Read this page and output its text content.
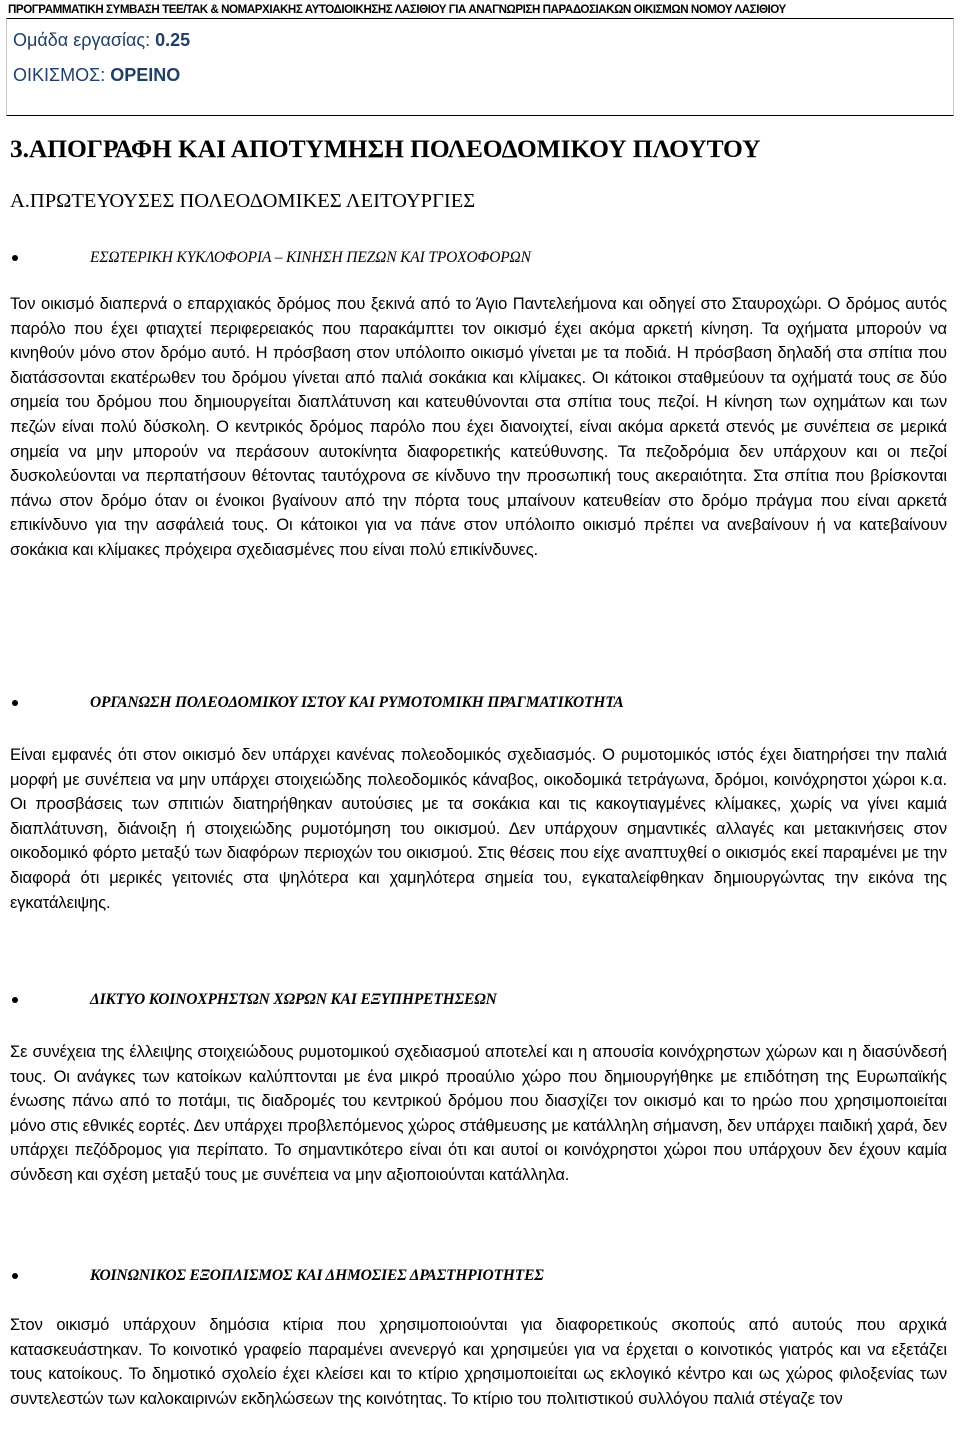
ΠΡΟΓΡΑΜΜΑΤΙΚΗ ΣΥΜΒΑΣΗ ΤΕΕ/ΤΑΚ & ΝΟΜΑΡΧΙΑΚΗΣ ΑΥΤΟΔΙΟΙΚΗΣΗΣ ΛΑΣΙΘΙΟΥ ΓΙΑ ΑΝΑΓΝΩΡΙΣΗ ΠΑΡΑΔΟΣΙΑΚΩΝ ΟΙΚΙΣΜΩΝ ΝΟΜΟΥ ΛΑΣΙΘΙΟΥ
Ομάδα εργασίας: 0.25
ΟΙΚΙΣΜΟΣ: ΟΡΕΙΝΟ
3.ΑΠΟΓΡΑΦΗ ΚΑΙ ΑΠΟΤΥΜΗΣΗ ΠΟΛΕΟΔΟΜΙΚΟΥ ΠΛΟΥΤΟΥ
Α.ΠΡΩΤΕΥΟΥΣΕΣ ΠΟΛΕΟΔΟΜΙΚΕΣ ΛΕΙΤΟΥΡΓΙΕΣ
ΕΣΩΤΕΡΙΚΗ ΚΥΚΛΟΦΟΡΙΑ – ΚΙΝΗΣΗ ΠΕΖΩΝ ΚΑΙ ΤΡΟΧΟΦΟΡΩΝ

Τον οικισμό διαπερνά ο επαρχιακός δρόμος που ξεκινά από το Άγιο Παντελεήμονα και οδηγεί στο Σταυροχώρι. Ο δρόμος αυτός παρόλο που έχει φτιαχτεί περιφερειακός που παρακάμπτει τον οικισμό έχει ακόμα αρκετή κίνηση. Τα οχήματα μπορούν να κινηθούν μόνο στον δρόμο αυτό. Η πρόσβαση στον υπόλοιπο οικισμό γίνεται με τα ποδιά. Η πρόσβαση δηλαδή στα σπίτια που διατάσσονται εκατέρωθεν του δρόμου γίνεται από παλιά σοκάκια και κλίμακες. Οι κάτοικοι σταθμεύουν τα οχήματά τους σε δύο σημεία του δρόμου που δημιουργείται διαπλάτυνση και κατευθύνονται στα σπίτια τους πεζοί. Η κίνηση των οχημάτων και των πεζών είναι πολύ δύσκολη. Ο κεντρικός δρόμος παρόλο που έχει διανοιχτεί, είναι ακόμα αρκετά στενός με συνέπεια σε μερικά σημεία να μην μπορούν να περάσουν αυτοκίνητα διαφορετικής κατεύθυνσης. Τα πεζοδρόμια δεν υπάρχουν και οι πεζοί δυσκολεύονται να περπατήσουν θέτοντας ταυτόχρονα σε κίνδυνο την προσωπική τους ακεραιότητα. Στα σπίτια που βρίσκονται πάνω στον δρόμο όταν οι ένοικοι βγαίνουν από την πόρτα τους μπαίνουν κατευθείαν στο δρόμο πράγμα που είναι αρκετά επικίνδυνο για την ασφάλειά τους. Οι κάτοικοι για να πάνε στον υπόλοιπο οικισμό πρέπει να ανεβαίνουν ή να κατεβαίνουν σοκάκια και κλίμακες πρόχειρα σχεδιασμένες που είναι πολύ επικίνδυνες.

ΟΡΓΑΝΩΣΗ ΠΟΛΕΟΔΟΜΙΚΟΥ ΙΣΤΟΥ ΚΑΙ ΡΥΜΟΤΟΜΙΚΗ ΠΡΑΓΜΑΤΙΚΟΤΗΤΑ

Είναι εμφανές ότι στον οικισμό δεν υπάρχει κανένας πολεοδομικός σχεδιασμός. Ο ρυμοτομικός ιστός έχει διατηρήσει την παλιά μορφή με συνέπεια να μην υπάρχει στοιχειώδης πολεοδομικός κάναβος, οικοδομικά τετράγωνα, δρόμοι, κοινόχρηστοι χώροι κ.α. Οι προσβάσεις των σπιτιών διατηρήθηκαν αυτούσιες με τα σοκάκια και τις κακογτιαγμένες κλίμακες, χωρίς να γίνει καμιά διαπλάτυνση, διάνοιξη ή στοιχειώδης ρυμοτόμηση του οικισμού. Δεν υπάρχουν σημαντικές αλλαγές και μετακινήσεις στον οικοδομικό φόρτο μεταξύ των διαφόρων περιοχών του οικισμού. Στις θέσεις που είχε αναπτυχθεί ο οικισμός εκεί παραμένει με την διαφορά ότι μερικές γειτονιές στα ψηλότερα και χαμηλότερα σημεία του, εγκαταλείφθηκαν δημιουργώντας την εικόνα της εγκατάλειψης.

ΔΙΚΤΥΟ ΚΟΙΝΟΧΡΗΣΤΩΝ ΧΩΡΩΝ ΚΑΙ ΕΞΥΠΗΡΕΤΗΣΕΩΝ

Σε συνέχεια της έλλειψης στοιχειώδους ρυμοτομικού σχεδιασμού αποτελεί και η απουσία κοινόχρηστων χώρων και η διασύνδεσή τους. Οι ανάγκες των κατοίκων καλύπτονται με ένα μικρό προαύλιο χώρο που δημιουργήθηκε με επιδότηση της Ευρωπαϊκής ένωσης πάνω από το ποτάμι, τις διαδρομές του κεντρικού δρόμου που διασχίζει τον οικισμό και το ηρώο που χρησιμοποιείται μόνο στις εθνικές εορτές. Δεν υπάρχει προβλεπόμενος χώρος στάθμευσης με κατάλληλη σήμανση, δεν υπάρχει παιδική χαρά, δεν υπάρχει πεζόδρομος για περίπατο. Το σημαντικότερο είναι ότι και αυτοί οι κοινόχρηστοι χώροι που υπάρχουν δεν έχουν καμία σύνδεση και σχέση μεταξύ τους με συνέπεια να μην αξιοποιούνται κατάλληλα.

ΚΟΙΝΩΝΙΚΟΣ ΕΞΟΠΛΙΣΜΟΣ ΚΑΙ ΔΗΜΟΣΙΕΣ ΔΡΑΣΤΗΡΙΟΤΗΤΕΣ

Στον οικισμό υπάρχουν δημόσια κτίρια που χρησιμοποιούνται για διαφορετικούς σκοπούς από αυτούς που αρχικά κατασκευάστηκαν. Το κοινοτικό γραφείο παραμένει ανενεργό και χρησιμεύει για να έρχεται ο κοινοτικός γιατρός και να εξετάζει τους κατοίκους. Το δημοτικό σχολείο έχει κλείσει και το κτίριο χρησιμοποιείται ως εκλογικό κέντρο και ως χώρος φιλοξενίας των συντελεστών των καλοκαιρινών εκδηλώσεων της κοινότητας. Το κτίριο του πολιτιστικού συλλόγου παλιά στέγαζε τον
